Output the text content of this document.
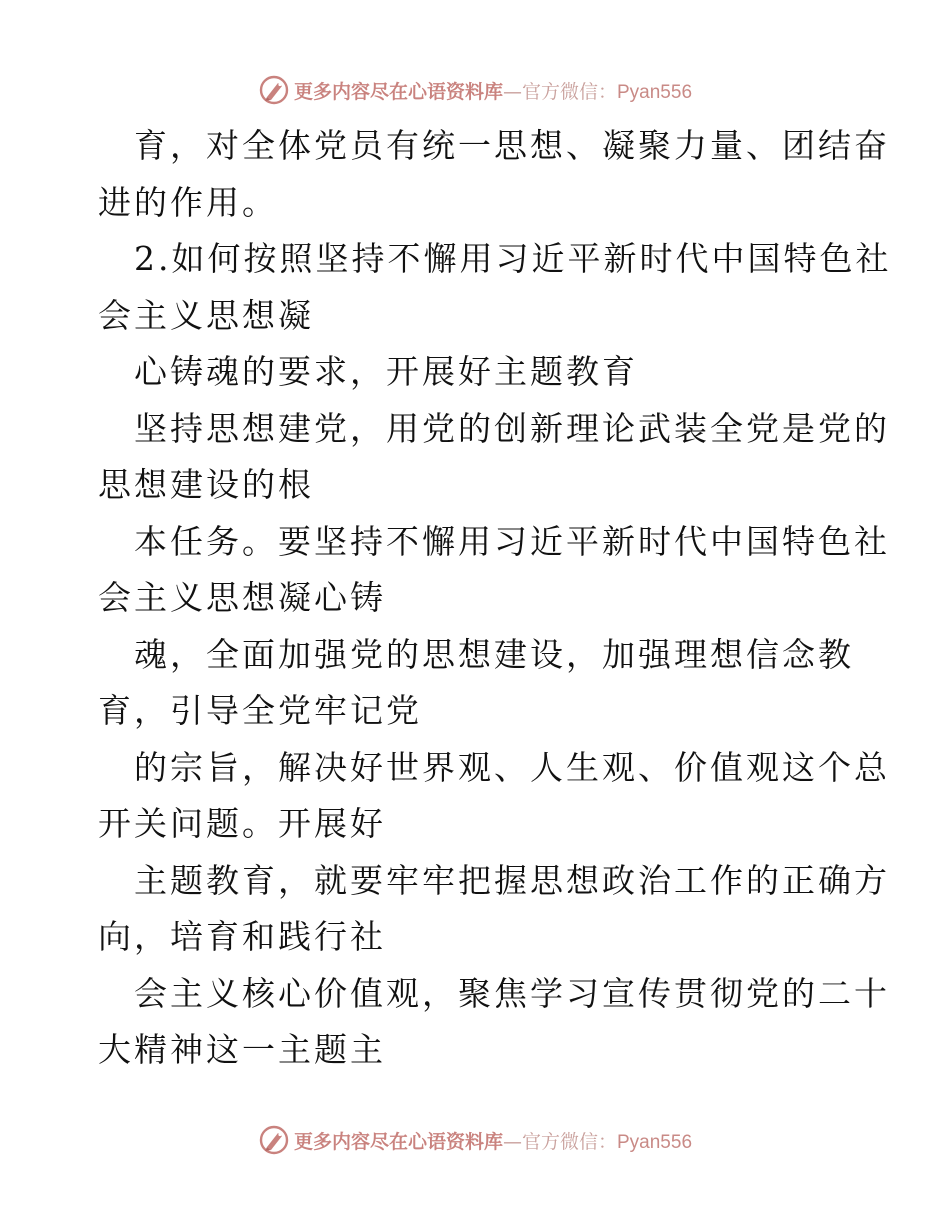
更多内容尽在心语资料库—官方微信：Pyan556
育，对全体党员有统一思想、凝聚力量、团结奋
进的作用。
2.如何按照坚持不懈用习近平新时代中国特色社
会主义思想凝
心铸魂的要求，开展好主题教育
坚持思想建党，用党的创新理论武装全党是党的
思想建设的根
本任务。要坚持不懈用习近平新时代中国特色社
会主义思想凝心铸
魂，全面加强党的思想建设，加强理想信念教
育，引导全党牢记党
的宗旨，解决好世界观、人生观、价值观这个总
开关问题。开展好
主题教育，就要牢牢把握思想政治工作的正确方
向，培育和践行社
会主义核心价值观，聚焦学习宣传贯彻党的二十
大精神这一主题主
更多内容尽在心语资料库—官方微信：Pyan556
